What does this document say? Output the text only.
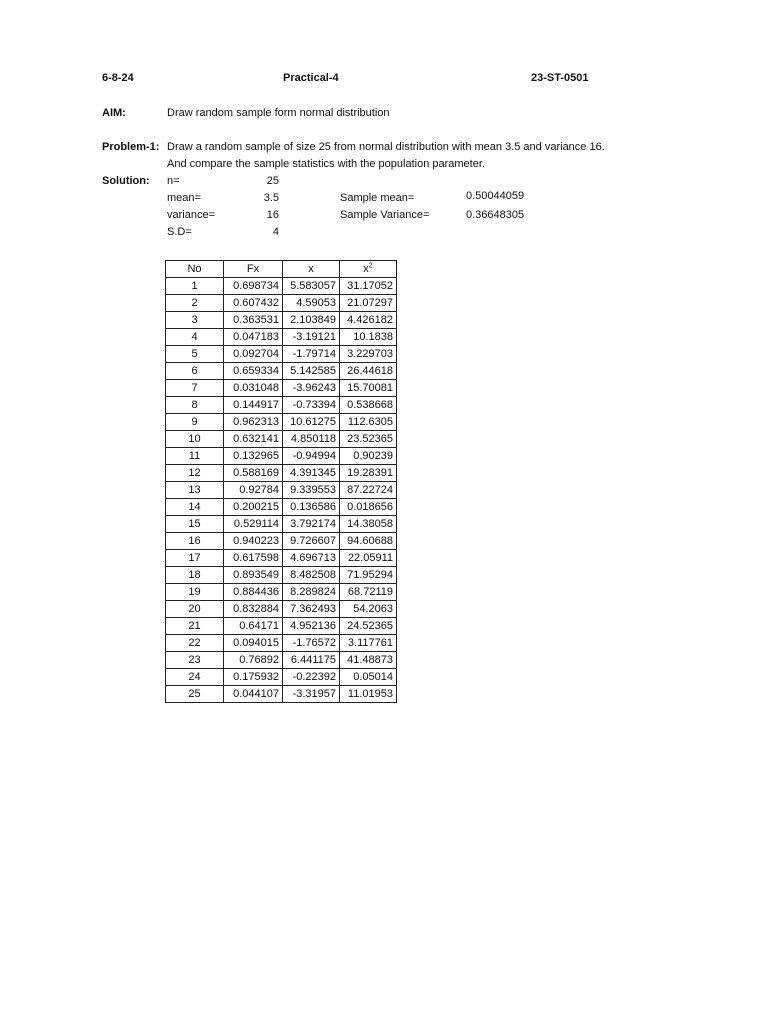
6-8-24	Practical-4	23-ST-0501
AIM:	Draw random sample form normal distribution
Problem-1: Draw a random sample of size 25 from normal distribution with mean 3.5 and variance 16.
And compare the sample statistics with the population parameter.
Solution: n=	25
mean=	3.5
variance=	16
S.D=	4
Sample mean=	0.50044059
Sample Variance=	0.36648305
No	Fx	x	$x^2$
1	0.698734	5.583057	31.17052
2	0.607432	4.59053	21.07297
3	0.363531	2.103849	4.426182
4	0.047183	-3.19121	10.1838
5	0.092704	-1.79714	3.229703
6	0.659334	5.142585	26.44618
7	0.031048	-3.96243	15.70081
8	0.144917	-0.73394	0.538668
9	0.962313	10.61275	112.6305
10	0.632141	4.850118	23.52365
11	0.132965	-0.94994	0.90239
12	0.588169	4.391345	19.28391
13	0.92784	9.339553	87.22724
14	0.200215	0.136586	0.018656
15	0.529114	3.792174	14.38058
16	0.940223	9.726607	94.60688
17	0.617598	4.696713	22.05911
18	0.893549	8.482508	71.95294
19	0.884436	8.289824	68.72119
20	0.832884	7.362493	54.2063
21	0.64171	4.952136	24.52365
22	0.094015	-1.76572	3.117761
23	0.76892	6.441175	41.48873
24	0.175932	-0.22392	0.05014
25	0.044107	-3.31957	11.01953
